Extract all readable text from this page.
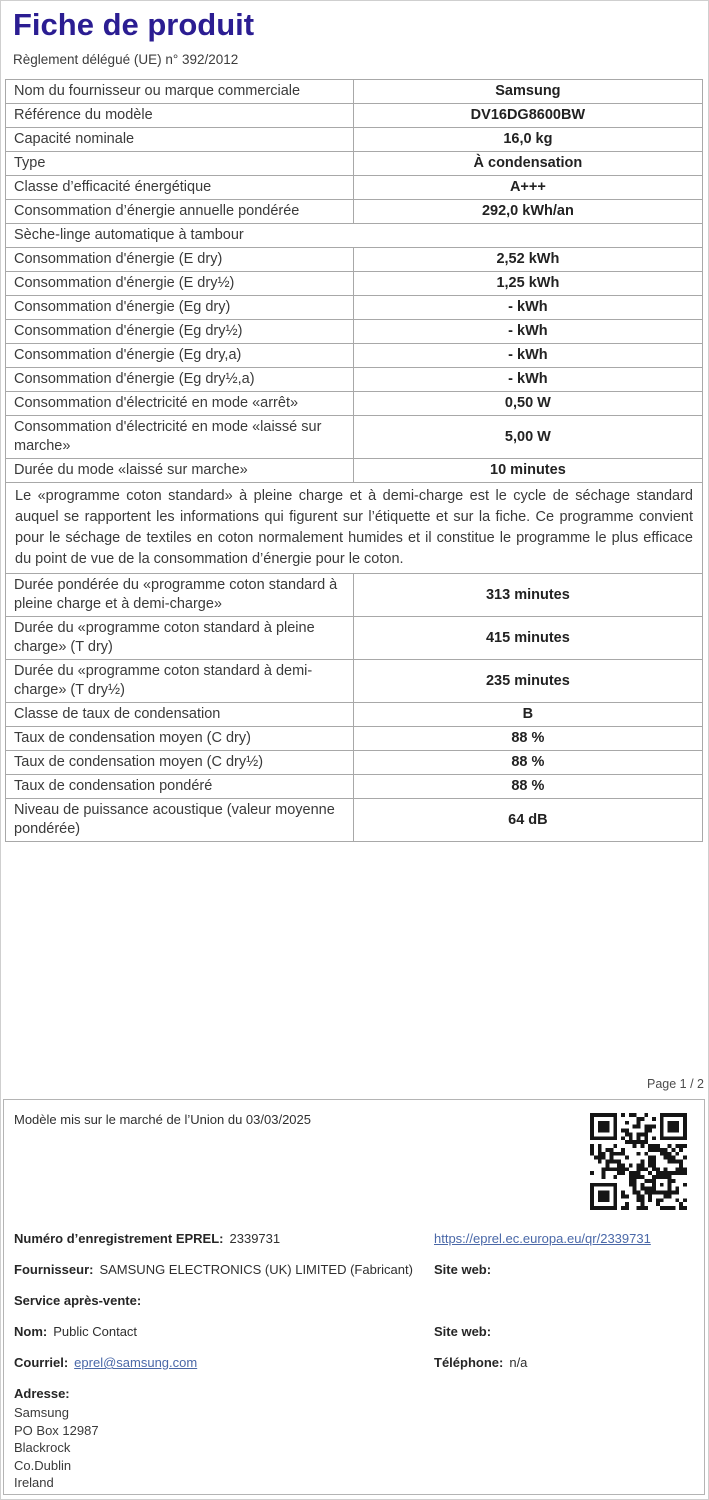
Fiche de produit
Règlement délégué (UE) n° 392/2012
Nom du fournisseur ou marque commerciale	Samsung
Référence du modèle	DV16DG8600BW
Capacité nominale	16,0 kg
Type	À condensation
Classe d’efficacité énergétique	A+++
Consommation d’énergie annuelle pondérée	292,0 kWh/an
Sèche-linge automatique à tambour	
Consommation d'énergie (E dry)	2,52 kWh
Consommation d'énergie (E dry½)	1,25 kWh
Consommation d'énergie (Eg dry)	- kWh
Consommation d'énergie (Eg dry½)	- kWh
Consommation d'énergie (Eg dry,a)	- kWh
Consommation d'énergie (Eg dry½,a)	- kWh
Consommation d'électricité en mode «arrêt»	0,50 W
Consommation d'électricité en mode «laissé sur marche»	5,00 W
Durée du mode «laissé sur marche»	10 minutes
Le «programme coton standard» à pleine charge et à demi-charge est le cycle de séchage standard auquel se rapportent les informations qui figurent sur l’étiquette et sur la fiche. Ce programme convient pour le séchage de textiles en coton normalement humides et il constitue le programme le plus efficace du point de vue de la consommation d’énergie pour le coton.	
Durée pondérée du «programme coton standard à pleine charge et à demi-charge»	313 minutes
Durée du «programme coton standard à pleine charge» (T dry)	415 minutes
Durée du «programme coton standard à demi-charge» (T dry½)	235 minutes
Classe de taux de condensation	B
Taux de condensation moyen (C dry)	88 %
Taux de condensation moyen (C dry½)	88 %
Taux de condensation pondéré	88 %
Niveau de puissance acoustique (valeur moyenne pondérée)	64 dB
Page 1 / 2
Modèle mis sur le marché de l’Union du 03/03/2025
Numéro d’enregistrement EPREL: 2339731	https://eprel.ec.europa.eu/qr/2339731
Fournisseur: SAMSUNG ELECTRONICS (UK) LIMITED (Fabricant) Site web:
Service après-vente:
Nom: Public Contact	Site web:
Courriel: eprel@samsung.com	Téléphone: n/a
Adresse:
Samsung
PO Box 12987
Blackrock
Co.Dublin
Ireland
